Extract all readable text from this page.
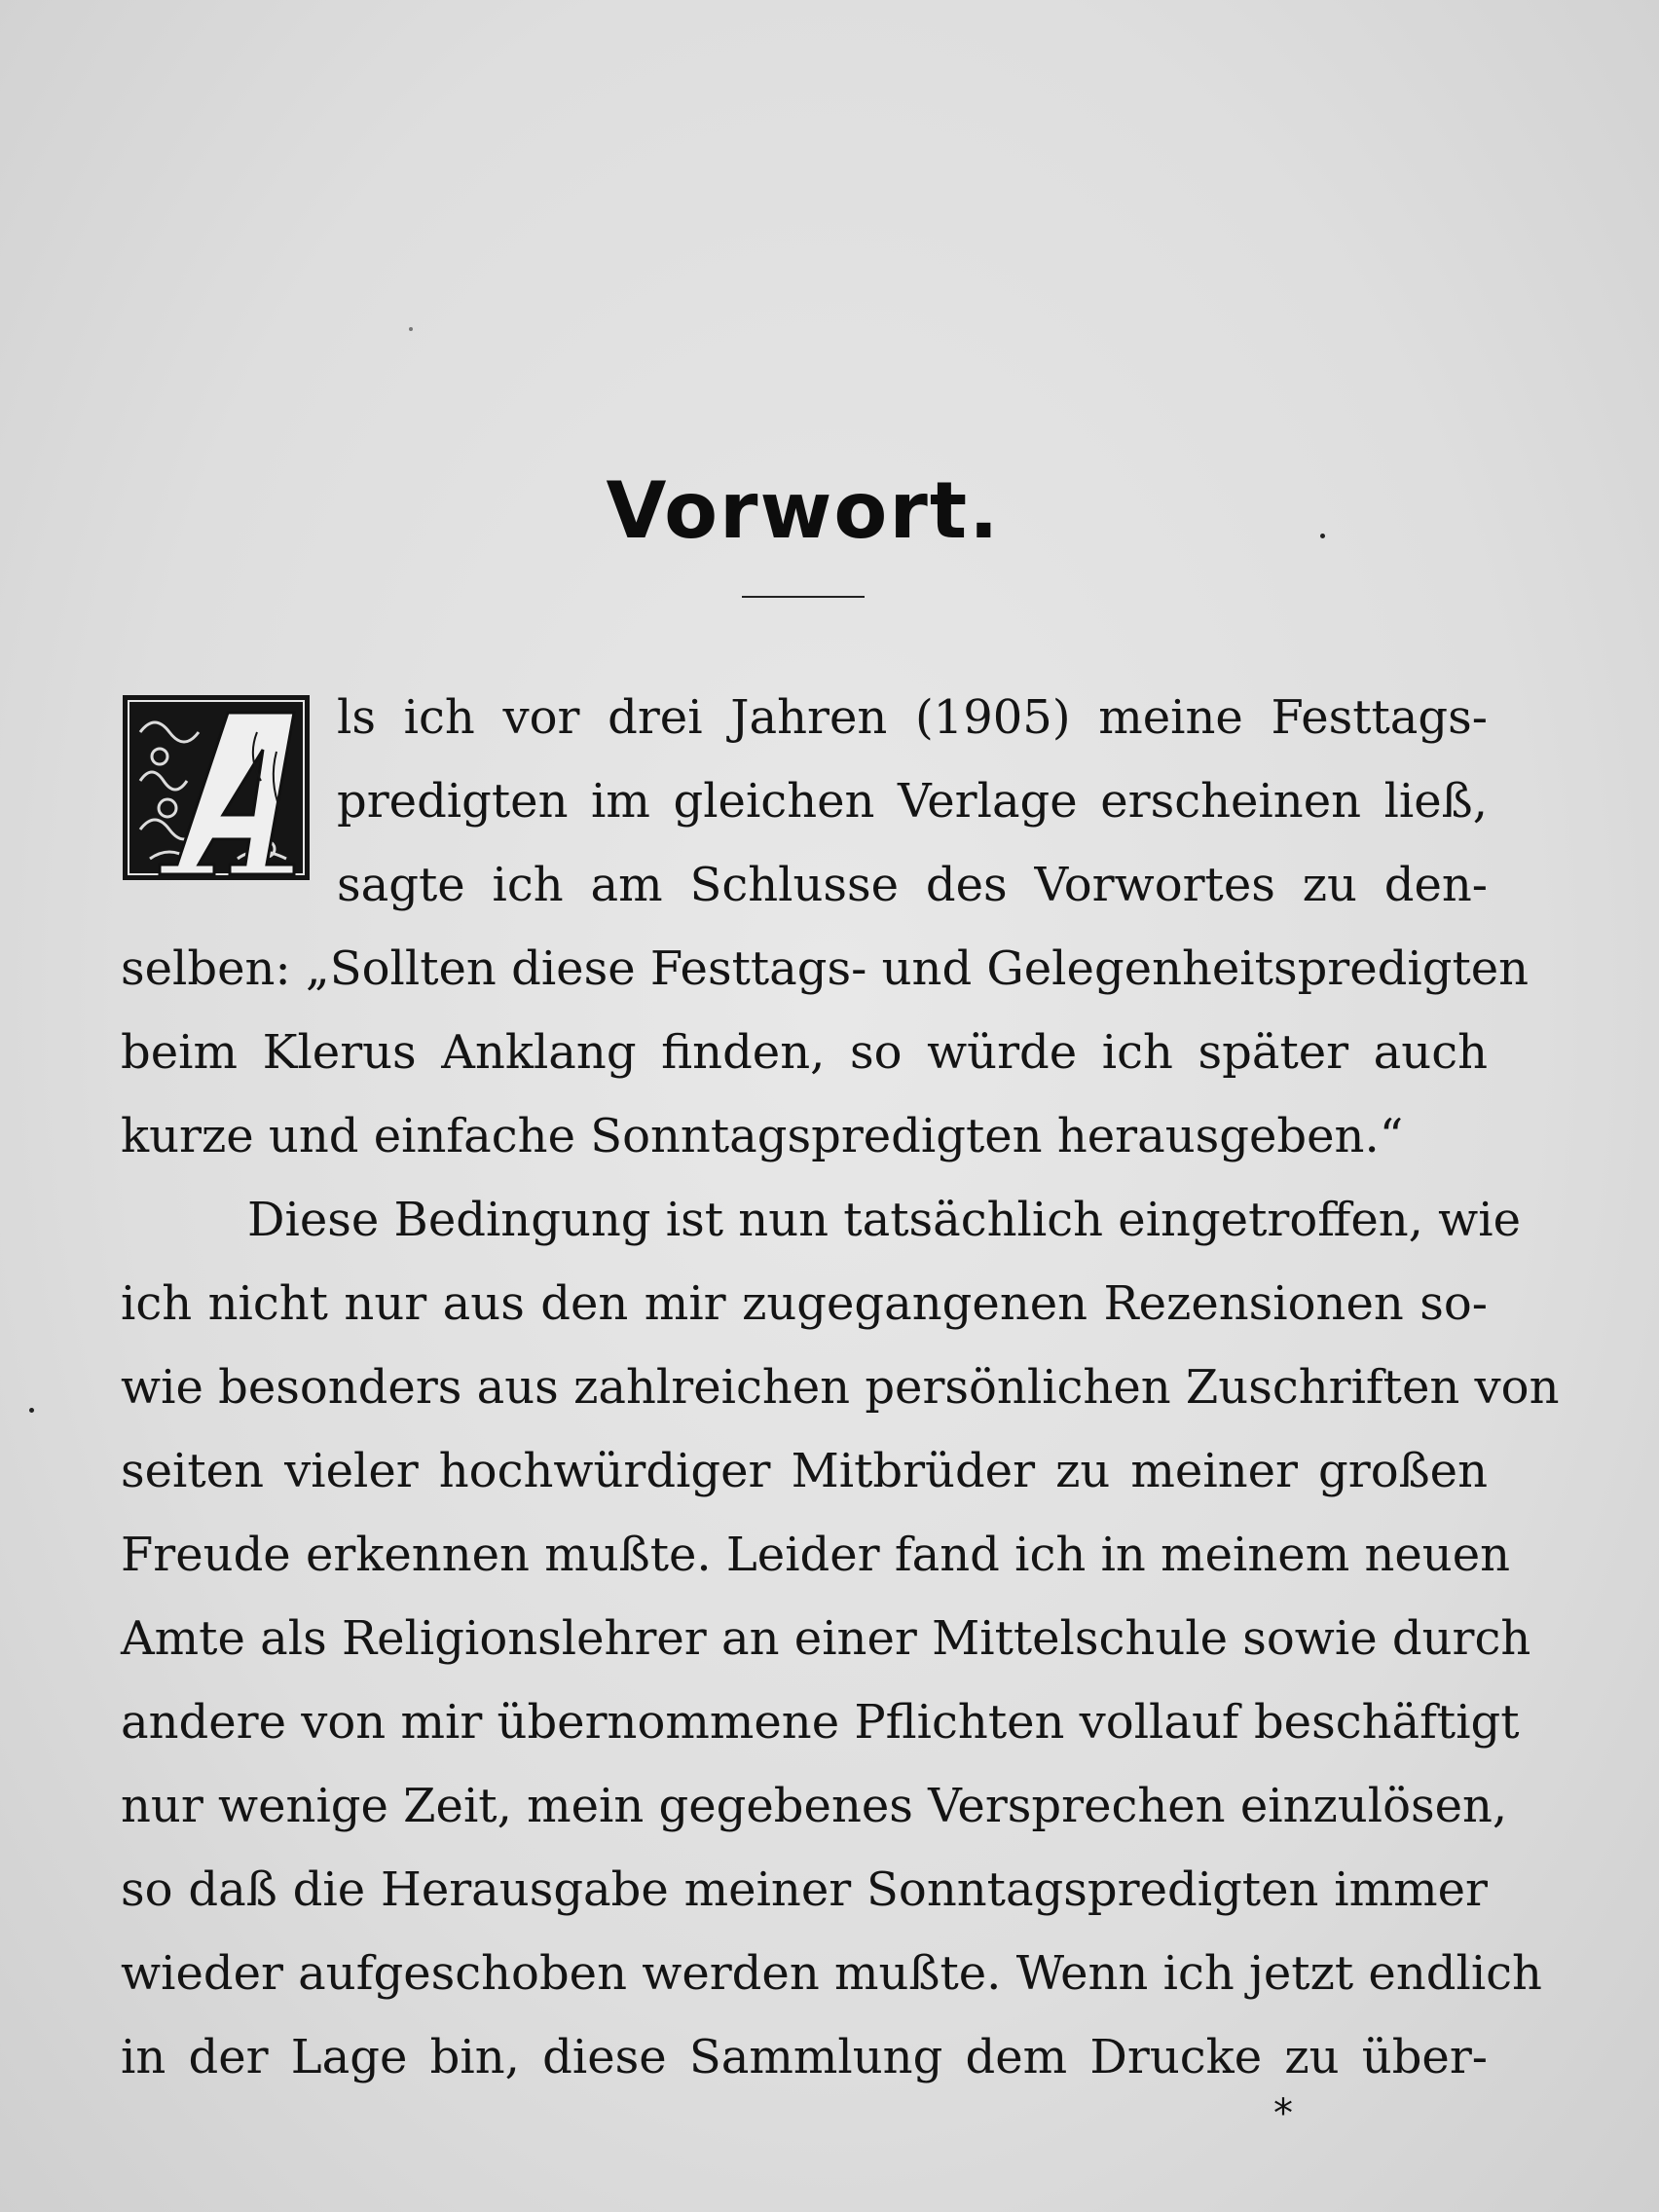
Vorwort.
ls ich vor drei Jahren (1905) meine Festtags-
predigten im gleichen Verlage erscheinen ließ,
sagte ich am Schlusse des Vorwortes zu den-
selben: „Sollten diese Festtags- und Gelegenheitspredigten
beim Klerus Anklang finden, so würde ich später auch
kurze und einfache Sonntagspredigten herausgeben.“
Diese Bedingung ist nun tatsächlich eingetroffen, wie
ich nicht nur aus den mir zugegangenen Rezensionen so-
wie besonders aus zahlreichen persönlichen Zuschriften von
seiten vieler hochwürdiger Mitbrüder zu meiner großen
Freude erkennen mußte. Leider fand ich in meinem neuen
Amte als Religionslehrer an einer Mittelschule sowie durch
andere von mir übernommene Pflichten vollauf beschäftigt
nur wenige Zeit, mein gegebenes Versprechen einzulösen,
so daß die Herausgabe meiner Sonntagspredigten immer
wieder aufgeschoben werden mußte. Wenn ich jetzt endlich
in der Lage bin, diese Sammlung dem Drucke zu über-
*
